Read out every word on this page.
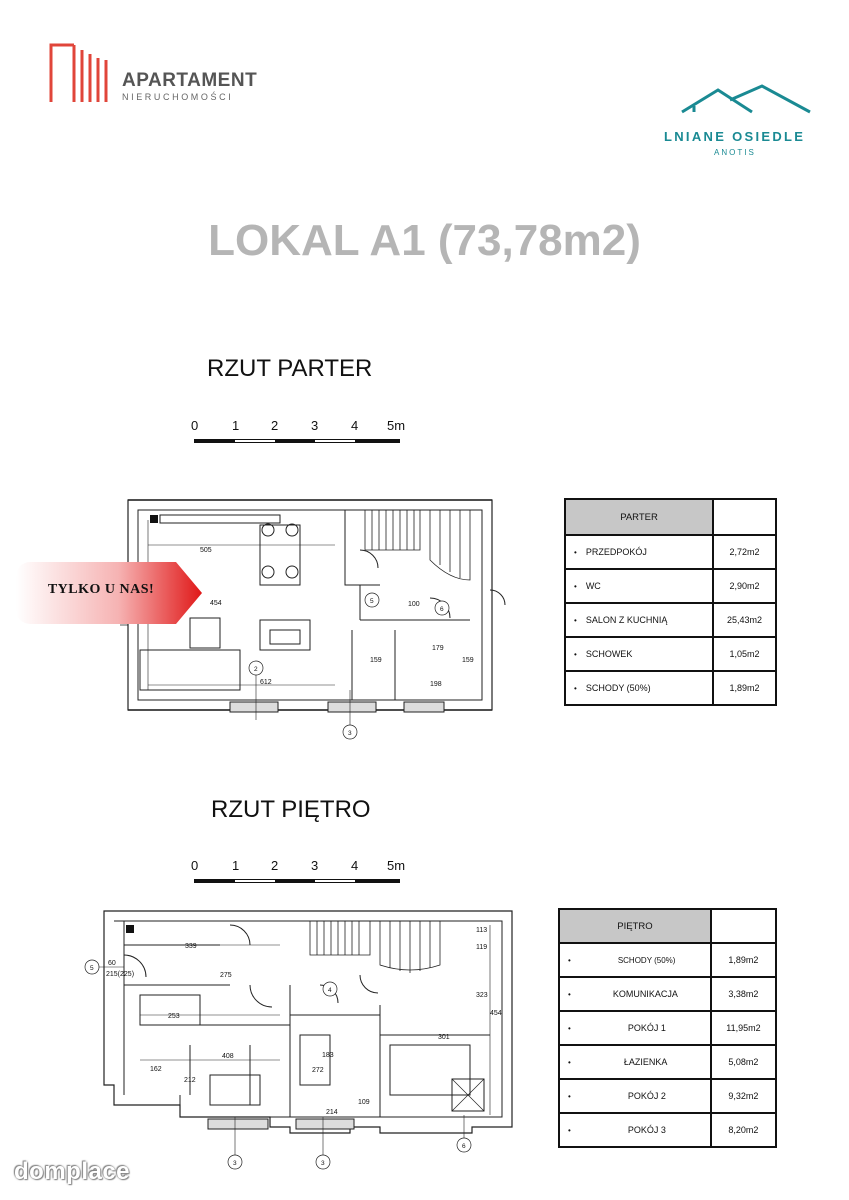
APARTAMENT
NIERUCHOMOŚCI
LNIANE OSIEDLE
ANOTIS
LOKAL A1 (73,78m2)
RZUT PARTER
0	1 2	3	4 5m
505
454
612
100
159
179
159
198
2
3
5
6
TYLKO U NAS!
PARTER	
• PRZEDPOKÓJ	2,72m2
• WC	2,90m2
• SALON Z KUCHNIĄ	25,43m2
• SCHOWEK	1,05m2
• SCHODY (50%)	1,89m2
RZUT PIĘTRO
0	1 2	3	4 5m
339
275
253
408	183
162
212
272
301
214
109
323
454
113
119
60
215(225)
5
4
3	3
6
PIĘTRO	
• SCHODY (50%)	1,89m2
• KOMUNIKACJA	3,38m2
• POKÓJ 1	11,95m2
• ŁAZIENKA	5,08m2
• POKÓJ 2	9,32m2
• POKÓJ 3	8,20m2
domplace
